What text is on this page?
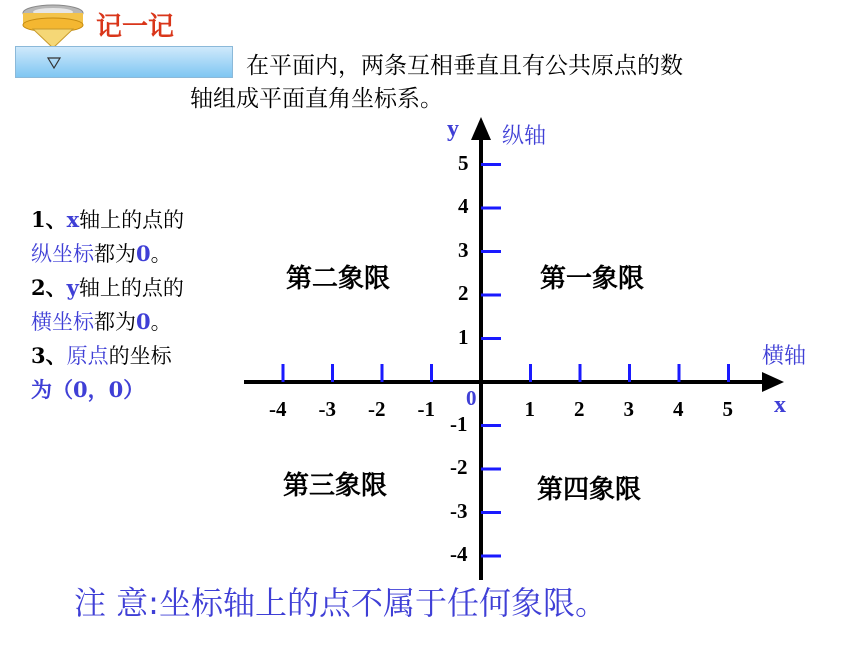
记一记
在平面内，两条互相垂直且有公共原点的数
轴组成平面直角坐标系。
1、x轴上的点的
纵坐标都为0。
2、y轴上的点的
横坐标都为0。
3、原点的坐标
为（0，0）
y 纵轴
横轴
x
0
第二象限	第一象限
第三象限	第四象限
注 意:坐标轴上的点不属于任何象限。
-4 -3 -2 -1	1 2 3 4 5
5
4
3
2
1
-1
-2
-3
-4
